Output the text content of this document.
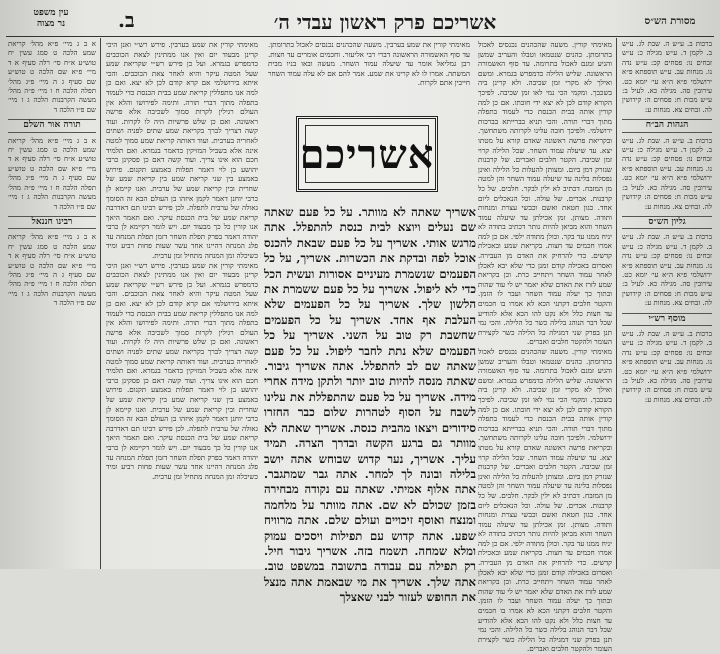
עין משפט
נר מצוה	ב.	אשריכם פרק ראשון עבדי ה׳	מסורת הש״ס

ברכות ב. ע״ש ה. שבת לג. ע״ש ב. לקמן ד. ע״ש מגילה כ: ע״ש זבחים נו: פסחים קכ: ע״ש נדה נו. מנחות עב. ע״ש תוספתא פ״א ירושלמי פ״א ה״א עי׳ יומא כט. עירובין סה. מגילה כא. לעיל ב: ע״ש מכות ח: פסחים ה: קידושין לה. זבחים צא. מנחות ע:

הגהות הב״ח

ברכות ב. ע״ש ה. שבת לג. ע״ש ב. לקמן ד. ע״ש מגילה כ: ע״ש זבחים נו: פסחים קכ: ע״ש נדה נו. מנחות עב. ע״ש תוספתא פ״א ירושלמי פ״א ה״א עי׳ יומא כט. עירובין סה. מגילה כא. לעיל ב: ע״ש מכות ח: פסחים ה: קידושין לה. זבחים צא. מנחות ע:

גליון הש״ס

ברכות ב. ע״ש ה. שבת לג. ע״ש ב. לקמן ד. ע״ש מגילה כ: ע״ש זבחים נו: פסחים קכ: ע״ש נדה נו. מנחות עב. ע״ש תוספתא פ״א ירושלמי פ״א ה״א עי׳ יומא כט. עירובין סה. מגילה כא. לעיל ב: ע״ש מכות ח: פסחים ה: קידושין לה. זבחים צא. מנחות ע:

מוסף רש״י

ברכות ב. ע״ש ה. שבת לג. ע״ש ב. לקמן ד. ע״ש מגילה כ: ע״ש זבחים נו: פסחים קכ: ע״ש נדה נו. מנחות עב. ע״ש תוספתא פ״א ירושלמי פ״א ה״א עי׳ יומא כט. עירובין סה. מגילה כא. לעיל ב: ע״ש מכות ח: פסחים ה: קידושין לה. זבחים צא. מנחות ע:

א ב ג מיי׳ פ״א מהל׳ קריאת שמע הלכה ט סמג עשין יח טוש״ע א״ח סי׳ רלה סעיף א ד מיי׳ פ״א שם הלכה ט טוש״ע שם סעיף ג ה מיי׳ פ״ג מהל׳ תפלה הלכה ח ו מיי׳ פ״ה מהל׳ מעשה הקרבנות הלכה ג ז מיי׳ שם פ״ו הלכה ד

תורה אור השלם

א ב ג מיי׳ פ״א מהל׳ קריאת שמע הלכה ט סמג עשין יח טוש״ע א״ח סי׳ רלה סעיף א ד מיי׳ פ״א שם הלכה ט טוש״ע שם סעיף ג ה מיי׳ פ״ג מהל׳ תפלה הלכה ח ו מיי׳ פ״ה מהל׳ מעשה הקרבנות הלכה ג ז מיי׳ שם פ״ו הלכה ד

רבינו חננאל

א ב ג מיי׳ פ״א מהל׳ קריאת שמע הלכה ט סמג עשין יח טוש״ע א״ח סי׳ רלה סעיף א ד מיי׳ פ״א שם הלכה ט טוש״ע שם סעיף ג ה מיי׳ פ״ג מהל׳ תפלה הלכה ח ו מיי׳ פ״ה מהל׳ מעשה הקרבנות הלכה ג ז מיי׳ שם פ״ו הלכה ד

מאימתי קורין. משעה שהכהנים נכנסים לאכול בתרומתן. כהנים שנטמאו וטבלו והעריב שמשן והגיע זמנם לאכול בתרומה. עד סוף האשמורה הראשונה. שליש הלילה כדמפרש בגמרא. ומשם ואילך לא מקרי זמן שכיבה. ולא קרינן ביה בשכבך. ומקמי הכי נמי לאו זמן שכיבה. לפיכך הקורא קודם לכן לא יצא ידי חובתו. אם כן למה קורין אותה בבית הכנסת כדי לעמוד בתפלה מתוך דברי תורה. והכי תניא בברייתא בברכות ירושלמי. ולפיכך חובה עלינו לקרותה משתחשך. ובקריאת פרשה ראשונה שאדם קורא על מטתו יצא. עד שיעלה עמוד השחר. שכל הלילה קרוי זמן שכיבה. הקטר חלבים ואברים. של קרבנות שנזרק דמן ביום. ומצותן להעלות כל הלילה ואינן נפסלות בלינה עד שיעלה עמוד השחר והן למטה מן המזבח. דכתיב לא ילין לבקר. חלבים. של כל קרבנות. אברים. של עולה. וכל הנאכלים ליום אחד. כגון חטאת ואשם וכבשי עצרת ומנחות ותודה. מצותן. זמן אכילתן עד שיעלה עמוד השחר והוא מביאן להיות נותר דכתיב בתודה לא יניח ממנו עד בקר. וכולן מתודה ילפי. אם כן למה אמרו חכמים עד חצות. בקריאת שמע ובאכילת קדשים. כדי להרחיק את האדם מן העבירה. ואסרום באכילה קודם זמנן כדי שלא יבא לאכלן לאחר עמוד השחר ויתחייב כרת. וכן בקריאת שמע לזרז את האדם שלא יאמר יש לי עוד שהות ובתוך כך יעלה עמוד השחר ועבר לו הזמן. והקטר חלבים דקתני הכא לא אמרו בו חכמים עד חצות כלל ולא נקט להו הכא אלא להודיע שכל דבר הנוהג בלילה כשר כל הלילה. והכי נמי תנן בפרק שני דמגילה כל הלילה כשר לקצירת העומר ולהקטר חלבים ואברים.

מאימתי קורין. משעה שהכהנים נכנסים לאכול בתרומתן. כהנים שנטמאו וטבלו והעריב שמשן והגיע זמנם לאכול בתרומה. עד סוף האשמורה הראשונה. שליש הלילה כדמפרש בגמרא. ומשם ואילך לא מקרי זמן שכיבה. ולא קרינן ביה בשכבך. ומקמי הכי נמי לאו זמן שכיבה. לפיכך הקורא קודם לכן לא יצא ידי חובתו. אם כן למה קורין אותה בבית הכנסת כדי לעמוד בתפלה מתוך דברי תורה. והכי תניא בברייתא בברכות ירושלמי. ולפיכך חובה עלינו לקרותה משתחשך. ובקריאת פרשה ראשונה שאדם קורא על מטתו יצא. עד שיעלה עמוד השחר. שכל הלילה קרוי זמן שכיבה. הקטר חלבים ואברים. של קרבנות שנזרק דמן ביום. ומצותן להעלות כל הלילה ואינן נפסלות בלינה עד שיעלה עמוד השחר והן למטה מן המזבח. דכתיב לא ילין לבקר. חלבים. של כל קרבנות. אברים. של עולה. וכל הנאכלים ליום אחד. כגון חטאת ואשם וכבשי עצרת ומנחות ותודה. מצותן. זמן אכילתן עד שיעלה עמוד השחר והוא מביאן להיות נותר דכתיב בתודה לא יניח ממנו עד בקר. וכולן מתודה ילפי. אם כן למה אמרו חכמים עד חצות. בקריאת שמע ובאכילת קדשים. כדי להרחיק את האדם מן העבירה. ואסרום באכילה קודם זמנן כדי שלא יבא לאכלן לאחר עמוד השחר ויתחייב כרת. וכן בקריאת שמע לזרז את האדם שלא יאמר יש לי עוד שהות ובתוך כך יעלה עמוד השחר ועבר לו הזמן. והקטר חלבים דקתני הכא לא אמרו בו חכמים עד חצות כלל ולא נקט להו הכא אלא להודיע שכל דבר הנוהג בלילה כשר כל הלילה. והכי נמי תנן בפרק שני דמגילה כל הלילה כשר לקצירת העומר ולהקטר חלבים ואברים.

מאימתי קורין את שמע בערבין. פירש רש״י ואנן היכי קרינן מבעוד יום ואין אנו ממתינין לצאת הכוכבים כדמפרש בגמרא. ועל כן פירש רש״י שקריאת שמע שעל המטה עיקר והיא לאחר צאת הכוכבים. והכי איתא בירושלמי אם קרא קודם לכן לא יצא. ואם כן למה אנו מתפללין קריאת שמע בבית הכנסת כדי לעמוד בתפלה מתוך דברי תורה. ותימה לפירושו והלא אין העולם רגילין לקרות סמוך לשכיבה אלא פרשה ראשונה. ואם כן שלש פרשיות היה לו לקרות. ועוד קשה דצריך לברך בקריאת שמע שתים לפניה ושתים לאחריה בערבית. ועוד דאותה קריאת שמע סמוך למטה אינה אלא בשביל המזיקין כדאמר בגמרא. ואם תלמיד חכם הוא אינו צריך. ועוד קשה דאם כן פסקינן כרבי יהושע בן לוי דאמר תפלות באמצע תקנום. פירוש באמצע בין שני קריאת שמע בין קריאת שמע של שחרית ובין קריאת שמע של ערבית. ואנו קיימא לן כרבי יוחנן דאמר לקמן איזהו בן העולם הבא זה הסומך גאולה של ערבית לתפלה. לכן פירש רבינו תם דאדרבה קריאת שמע של בית הכנסת עיקר. ואם תאמר היאך אנו קורין כל כך מבעוד יום. ויש לומר דקיימא לן כרבי יהודה דאמר בפרק תפלת השחר דזמן תפלת המנחה עד פלג המנחה דהיינו אחד עשר שעות פחות רביע ומיד כשיכלה זמן המנחה מתחיל זמן ערבית.

מאימתי קורין את שמע בערבין. פירש רש״י ואנן היכי קרינן מבעוד יום ואין אנו ממתינין לצאת הכוכבים כדמפרש בגמרא. ועל כן פירש רש״י שקריאת שמע שעל המטה עיקר והיא לאחר צאת הכוכבים. והכי איתא בירושלמי אם קרא קודם לכן לא יצא. ואם כן למה אנו מתפללין קריאת שמע בבית הכנסת כדי לעמוד בתפלה מתוך דברי תורה. ותימה לפירושו והלא אין העולם רגילין לקרות סמוך לשכיבה אלא פרשה ראשונה. ואם כן שלש פרשיות היה לו לקרות. ועוד קשה דצריך לברך בקריאת שמע שתים לפניה ושתים לאחריה בערבית. ועוד דאותה קריאת שמע סמוך למטה אינה אלא בשביל המזיקין כדאמר בגמרא. ואם תלמיד חכם הוא אינו צריך. ועוד קשה דאם כן פסקינן כרבי יהושע בן לוי דאמר תפלות באמצע תקנום. פירוש באמצע בין שני קריאת שמע בין קריאת שמע של שחרית ובין קריאת שמע של ערבית. ואנו קיימא לן כרבי יוחנן דאמר לקמן איזהו בן העולם הבא זה הסומך גאולה של ערבית לתפלה. לכן פירש רבינו תם דאדרבה קריאת שמע של בית הכנסת עיקר. ואם תאמר היאך אנו קורין כל כך מבעוד יום. ויש לומר דקיימא לן כרבי יהודה דאמר בפרק תפלת השחר דזמן תפלת המנחה עד פלג המנחה דהיינו אחד עשר שעות פחות רביע ומיד כשיכלה זמן המנחה מתחיל זמן ערבית.

מאימתי קורין את שמע בערבין. משעה שהכהנים נכנסים לאכול בתרומתן. עד סוף האשמורה הראשונה דברי רבי אליעזר. וחכמים אומרים עד חצות. רבן גמליאל אומר עד שיעלה עמוד השחר. מעשה ובאו בניו מבית המשתה. אמרו לו לא קרינו את שמע. אמר להם אם לא עלה עמוד השחר חייבין אתם לקרות.

אשריכם

אשריך שאתה לא מוותר. על כל פעם שאתה שם נעלים ויוצא לבית כנסת להתפלל. אתה מרגש אותי. אשריך על כל פעם שבאת להכנס אוכל לפה ובדקת את הכשרות. אשריך, על כל הפעמים שנשמרת מעיניים אסורות ועשית הכל כדי לא ליפול. אשריך על כל פעם ששמרת את הלשון שלך. אשריך על כל הפעמים שלא העלבת אף אחד. אשריך על כל הפעמים שחשבת רק טוב על השני. אשריך על כל הפעמים שלא נתת לחבר ליפול. על כל פעם שאתה שם לב להתפלל. אתה אשריך גיבור. שאתה מנסה להיות טוב יותר ולתקן מידה אחרי מידה. אשריך על כל פעם שהתפללת את עלינו לשבח על הסוף לטהרות שלום כבר החזרו סידורים ויצאו מהבית כנסת. אשריך שאתה לא מוותר גם ברגע הקשה ובדרך הצרה. תמיד עליך. אשריך, נער קדוש שבוחש אתה יושב בלילה ובונה לך למחר. אתה גבר שמתגבר. אתה אלוף אמיתי. שאתה עם נקודה מבחירה בזמן שכולם לא שם. אתה מוותר על מלחמה ומנצח ואוסף זיכויים ועולם שלם. אתה מרוויח שפע. אתה קדוש עם תפילות ויסכים עמוק ומלא שמחה. תשמח בזה. אשריך גיבור חיל. רק תפילה עם עבודה בתשובה במשפט טוב. אתה שלך. אשריך את מי שבאמת אתה מנצל את החופש לעזור לבני שאצלך
